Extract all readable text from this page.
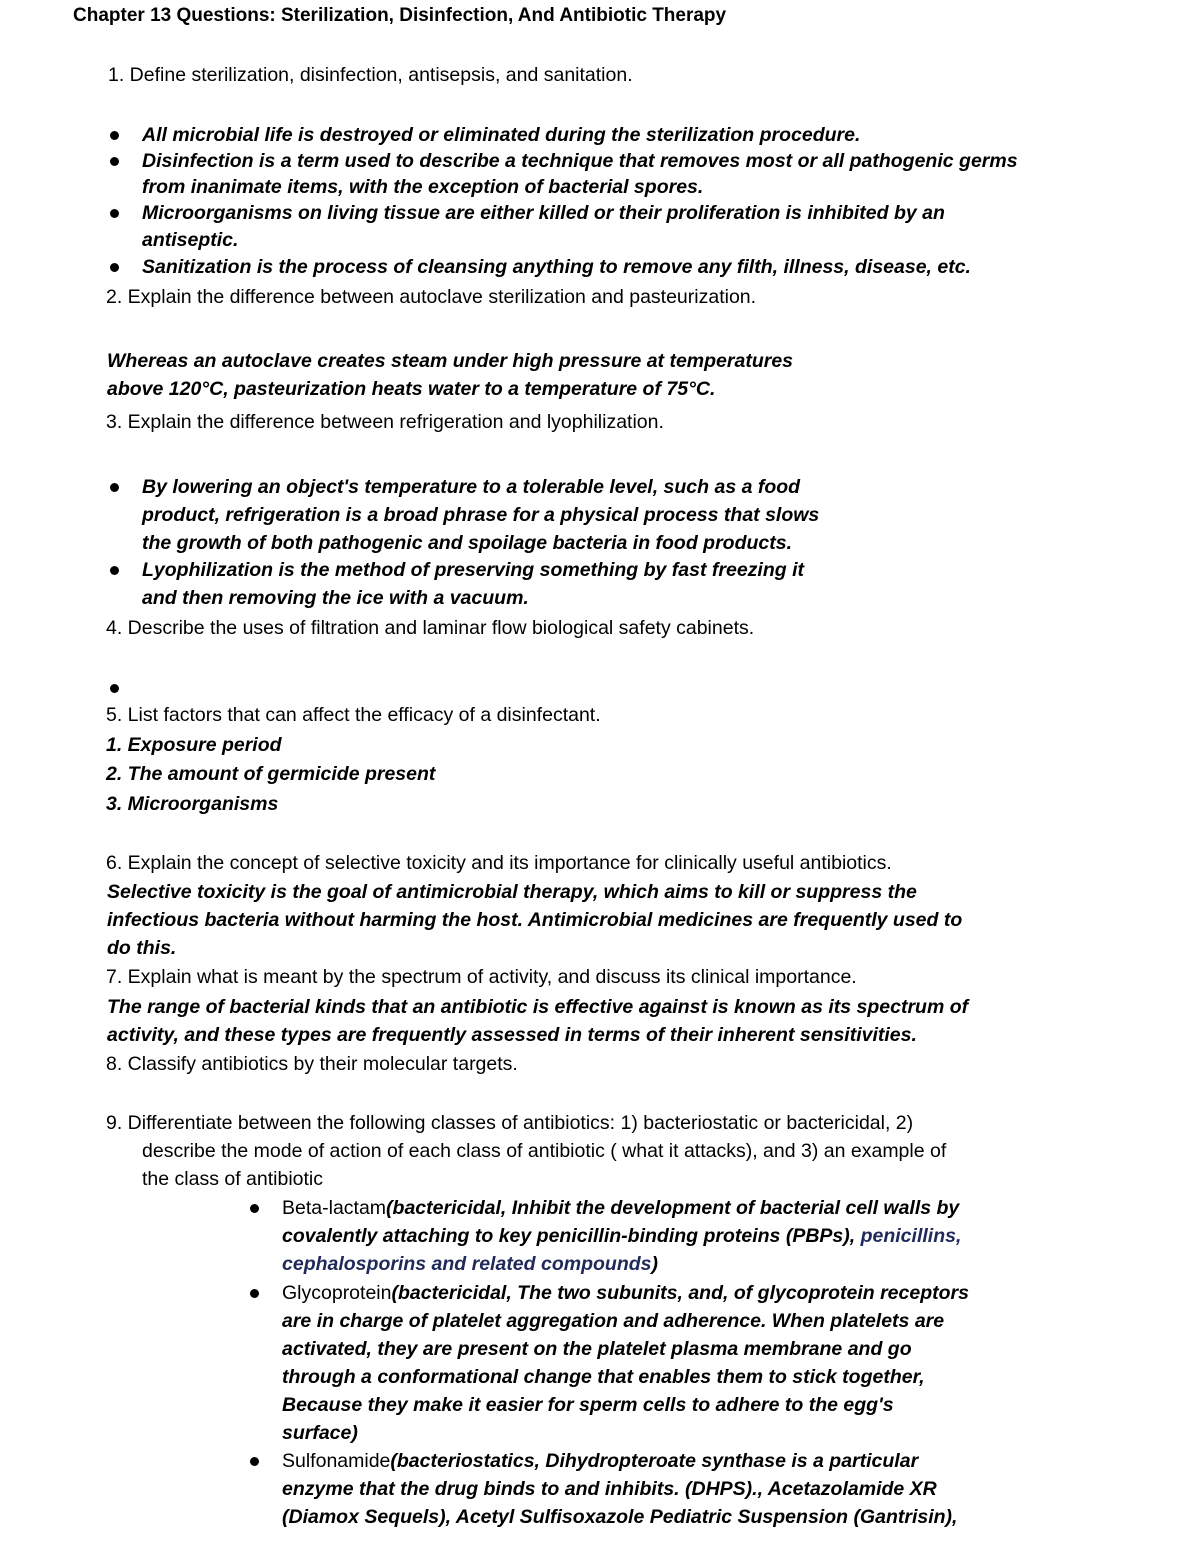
Chapter 13 Questions: Sterilization, Disinfection, And Antibiotic Therapy
1. Define sterilization, disinfection, antisepsis, and sanitation.
All microbial life is destroyed or eliminated during the sterilization procedure.
Disinfection is a term used to describe a technique that removes most or all pathogenic germs
from inanimate items, with the exception of bacterial spores.
Microorganisms on living tissue are either killed or their proliferation is inhibited by an
antiseptic.
Sanitization is the process of cleansing anything to remove any filth, illness, disease, etc.
2. Explain the difference between autoclave sterilization and pasteurization.
Whereas an autoclave creates steam under high pressure at temperatures
above 120°C, pasteurization heats water to a temperature of 75°C.
3. Explain the difference between refrigeration and lyophilization.
By lowering an object's temperature to a tolerable level, such as a food
product, refrigeration is a broad phrase for a physical process that slows
the growth of both pathogenic and spoilage bacteria in food products.
Lyophilization is the method of preserving something by fast freezing it
and then removing the ice with a vacuum.
4. Describe the uses of filtration and laminar flow biological safety cabinets.
5. List factors that can affect the efficacy of a disinfectant.
1. Exposure period
2. The amount of germicide present
3. Microorganisms
6. Explain the concept of selective toxicity and its importance for clinically useful antibiotics.
Selective toxicity is the goal of antimicrobial therapy, which aims to kill or suppress the
infectious bacteria without harming the host. Antimicrobial medicines are frequently used to
do this.
7. Explain what is meant by the spectrum of activity, and discuss its clinical importance.
The range of bacterial kinds that an antibiotic is effective against is known as its spectrum of
activity, and these types are frequently assessed in terms of their inherent sensitivities.
8. Classify antibiotics by their molecular targets.
9. Differentiate between the following classes of antibiotics: 1) bacteriostatic or bactericidal, 2)
describe the mode of action of each class of antibiotic ( what it attacks), and 3) an example of
the class of antibiotic
Beta-lactam(bactericidal, Inhibit the development of bacterial cell walls by
covalently attaching to key penicillin-binding proteins (PBPs), penicillins,
cephalosporins and related compounds)
Glycoprotein(bactericidal, The two subunits, and, of glycoprotein receptors
are in charge of platelet aggregation and adherence. When platelets are
activated, they are present on the platelet plasma membrane and go
through a conformational change that enables them to stick together,
Because they make it easier for sperm cells to adhere to the egg's
surface)
Sulfonamide(bacteriostatics, Dihydropteroate synthase is a particular
enzyme that the drug binds to and inhibits. (DHPS)., Acetazolamide XR
(Diamox Sequels), Acetyl Sulfisoxazole Pediatric Suspension (Gantrisin),
